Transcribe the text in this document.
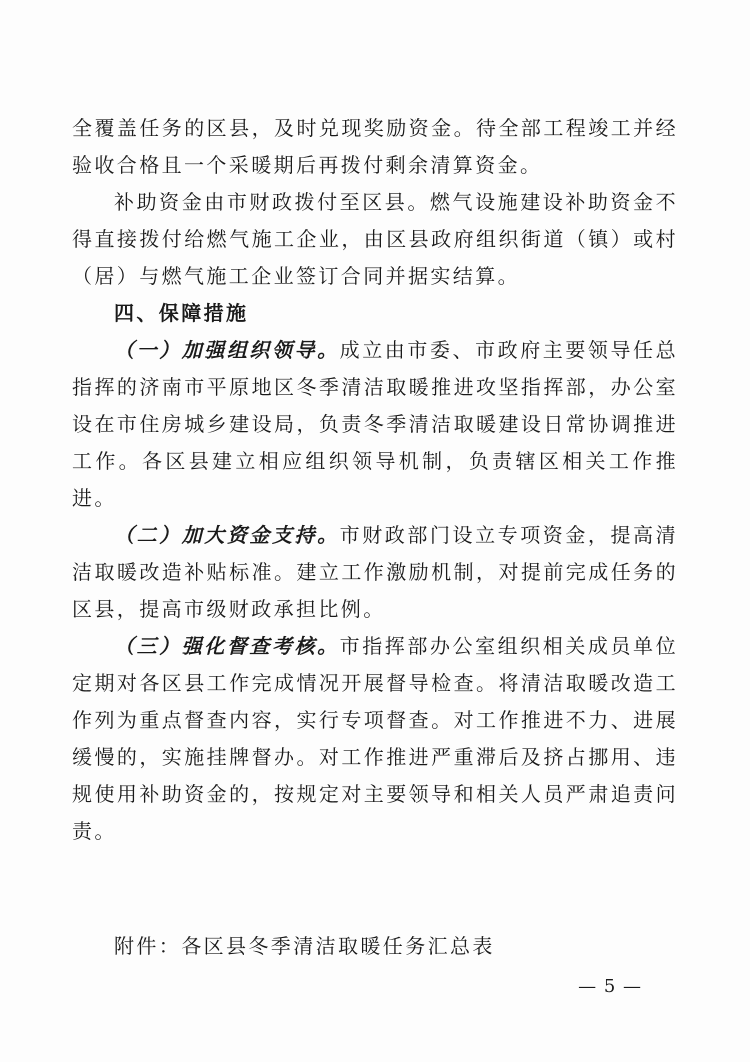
全覆盖任务的区县，及时兑现奖励资金。待全部工程竣工并经验收合格且一个采暖期后再拨付剩余清算资金。

补助资金由市财政拨付至区县。燃气设施建设补助资金不得直接拨付给燃气施工企业，由区县政府组织街道（镇）或村（居）与燃气施工企业签订合同并据实结算。

四、保障措施

（一）加强组织领导。成立由市委、市政府主要领导任总指挥的济南市平原地区冬季清洁取暖推进攻坚指挥部，办公室设在市住房城乡建设局，负责冬季清洁取暖建设日常协调推进工作。各区县建立相应组织领导机制，负责辖区相关工作推进。

（二）加大资金支持。市财政部门设立专项资金，提高清洁取暖改造补贴标准。建立工作激励机制，对提前完成任务的区县，提高市级财政承担比例。

（三）强化督查考核。市指挥部办公室组织相关成员单位定期对各区县工作完成情况开展督导检查。将清洁取暖改造工作列为重点督查内容，实行专项督查。对工作推进不力、进展缓慢的，实施挂牌督办。对工作推进严重滞后及挤占挪用、违规使用补助资金的，按规定对主要领导和相关人员严肃追责问责。

附件：各区县冬季清洁取暖任务汇总表

— 5 —
